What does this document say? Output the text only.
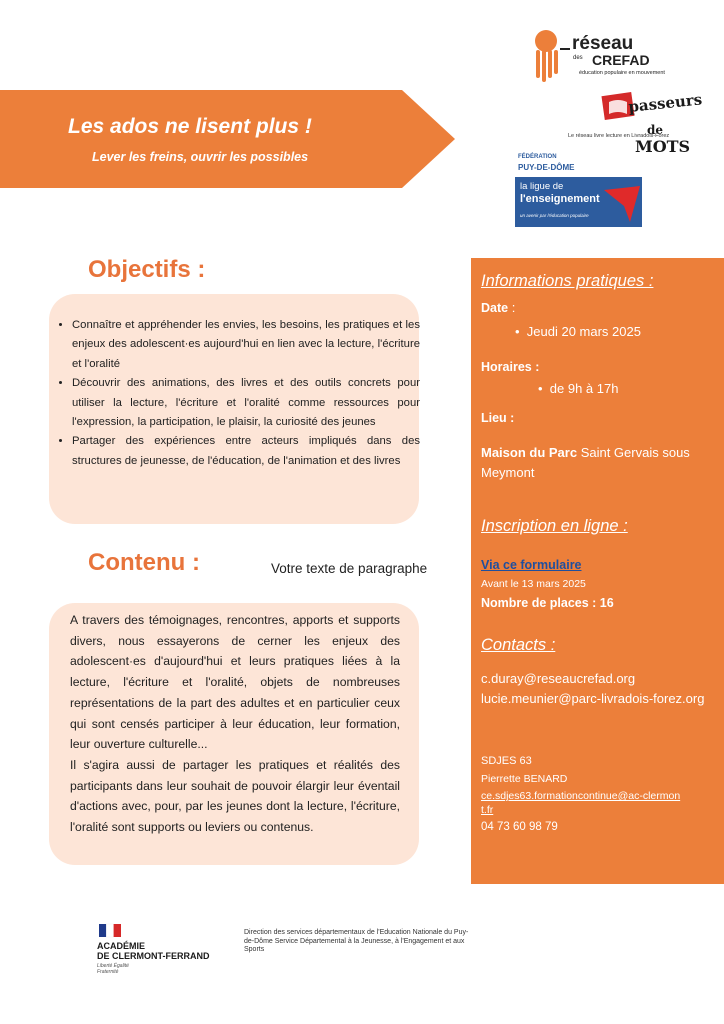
Les ados ne lisent plus !
Lever les freins, ouvrir les possibles
réseau
des CREFAD
éducation populaire en mouvement
passeurs
de
MOTS
Le réseau livre lecture en Livradois-Forez
FÉDÉRATION
PUY-DE-DÔME
la ligue de
l'enseignement
un avenir par l'éducation populaire
Objectifs :
• Connaître et appréhender les envies, les besoins, les pratiques et les enjeux des adolescent·es aujourd'hui en lien avec la lecture, l'écriture et l'oralité
• Découvrir des animations, des livres et des outils concrets pour utiliser la lecture, l'écriture et l'oralité comme ressources pour l'expression, la participation, le plaisir, la curiosité des jeunes
• Partager des expériences entre acteurs impliqués dans des structures de jeunesse, de l'éducation, de l'animation et des livres
Contenu :	Votre texte de paragraphe

A travers des témoignages, rencontres, apports et supports divers, nous essayerons de cerner les enjeux des adolescent·es d'aujourd'hui et leurs pratiques liées à la lecture, l'écriture et l'oralité, objets de nombreuses représentations de la part des adultes et en particulier ceux qui sont censés participer à leur éducation, leur formation, leur ouverture culturelle...

Il s'agira aussi de partager les pratiques et réalités des participants dans leur souhait de pouvoir élargir leur éventail d'actions avec, pour, par les jeunes dont la lecture, l'écriture, l'oralité sont supports ou leviers ou contenus.

Informations pratiques :
Date :
•  Jeudi 20 mars 2025
Horaires :
•  de 9h à 17h
Lieu :
Maison du Parc Saint Gervais sous Meymont
Inscription en ligne :
Via ce formulaire
Avant le 13 mars 2025
Nombre de places : 16
Contacts :
c.duray@reseaucrefad.org
lucie.meunier@parc-livradois-forez.org
SDJES 63
Pierrette BENARD
ce.sdjes63.formationcontinue@ac-clermont.fr
04 73 60 98 79
ACADÉMIE
DE CLERMONT-FERRAND
Liberté Égalité Fraternité
Direction des services départementaux de l'Education Nationale du Puy-de-Dôme Service Départemental à la Jeunesse, à l'Engagement et aux Sports
